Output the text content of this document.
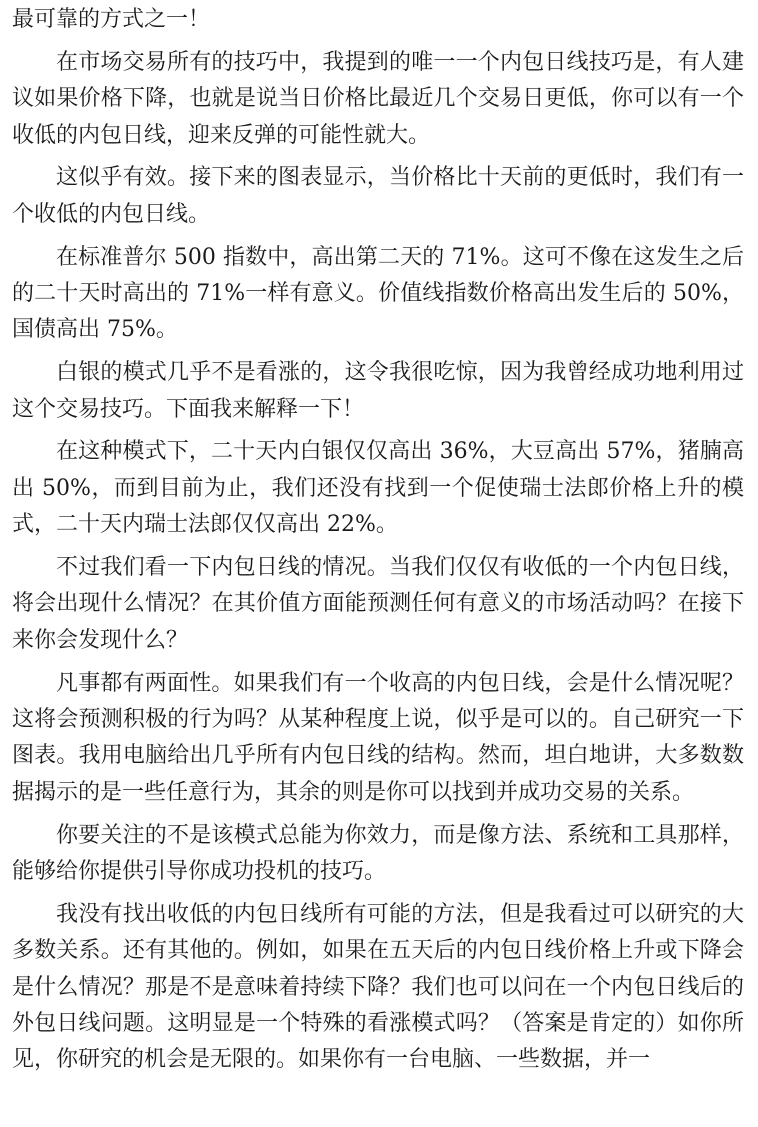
最可靠的方式之一！

在市场交易所有的技巧中，我提到的唯一一个内包日线技巧是，有人建议如果价格下降，也就是说当日价格比最近几个交易日更低，你可以有一个收低的内包日线，迎来反弹的可能性就大。

这似乎有效。接下来的图表显示，当价格比十天前的更低时，我们有一个收低的内包日线。

在标准普尔 500 指数中，高出第二天的 71%。这可不像在这发生之后的二十天时高出的 71%一样有意义。价值线指数价格高出发生后的 50%，国债高出 75%。

白银的模式几乎不是看涨的，这令我很吃惊，因为我曾经成功地利用过这个交易技巧。下面我来解释一下！

在这种模式下，二十天内白银仅仅高出 36%，大豆高出 57%，猪腩高出 50%，而到目前为止，我们还没有找到一个促使瑞士法郎价格上升的模式，二十天内瑞士法郎仅仅高出 22%。

不过我们看一下内包日线的情况。当我们仅仅有收低的一个内包日线，将会出现什么情况？在其价值方面能预测任何有意义的市场活动吗？在接下来你会发现什么？

凡事都有两面性。如果我们有一个收高的内包日线，会是什么情况呢？这将会预测积极的行为吗？从某种程度上说，似乎是可以的。自己研究一下图表。我用电脑给出几乎所有内包日线的结构。然而，坦白地讲，大多数数据揭示的是一些任意行为，其余的则是你可以找到并成功交易的关系。

你要关注的不是该模式总能为你效力，而是像方法、系统和工具那样，能够给你提供引导你成功投机的技巧。

我没有找出收低的内包日线所有可能的方法，但是我看过可以研究的大多数关系。还有其他的。例如，如果在五天后的内包日线价格上升或下降会是什么情况？那是不是意味着持续下降？我们也可以问在一个内包日线后的外包日线问题。这明显是一个特殊的看涨模式吗？（答案是肯定的）如你所见，你研究的机会是无限的。如果你有一台电脑、一些数据，并一
